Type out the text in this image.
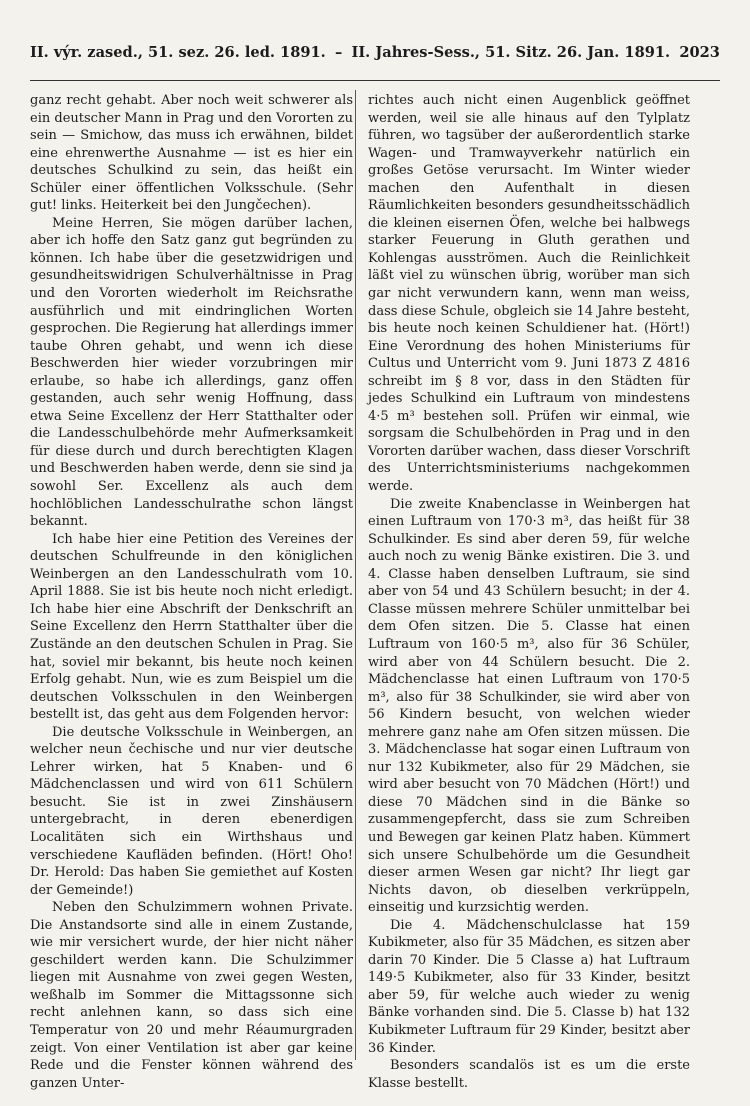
II. výr. zased., 51. sez. 26. led. 1891. – II. Jahres-Sess., 51. Sitz. 26. Jan. 1891. 2023

ganz recht gehabt. Aber noch weit schwerer als ein deutscher Mann in Prag und den Vororten zu sein — Smichow, das muss ich erwähnen, bildet eine ehrenwerthe Ausnahme — ist es hier ein deutsches Schulkind zu sein, das heißt ein Schüler einer öffentlichen Volksschule. (Sehr gut! links. Heiterkeit bei den Jungčechen).

Meine Herren, Sie mögen darüber lachen, aber ich hoffe den Satz ganz gut begründen zu können. Ich habe über die gesetzwidrigen und gesundheitswidrigen Schulverhältnisse in Prag und den Vororten wiederholt im Reichsrathe ausführlich und mit eindringlichen Worten gesprochen. Die Regierung hat allerdings immer taube Ohren gehabt, und wenn ich diese Beschwerden hier wieder vorzubringen mir erlaube, so habe ich allerdings, ganz offen gestanden, auch sehr wenig Hoffnung, dass etwa Seine Excellenz der Herr Statthalter oder die Landesschulbehörde mehr Aufmerksamkeit für diese durch und durch berechtigten Klagen und Beschwerden haben werde, denn sie sind ja sowohl Ser. Excellenz als auch dem hochlöblichen Landesschulrathe schon längst bekannt.

Ich habe hier eine Petition des Vereines der deutschen Schulfreunde in den königlichen Weinbergen an den Landesschulrath vom 10. April 1888. Sie ist bis heute noch nicht erledigt. Ich habe hier eine Abschrift der Denkschrift an Seine Excellenz den Herrn Statthalter über die Zustände an den deutschen Schulen in Prag. Sie hat, soviel mir bekannt, bis heute noch keinen Erfolg gehabt. Nun, wie es zum Beispiel um die deutschen Volksschulen in den Weinbergen bestellt ist, das geht aus dem Folgenden hervor:

Die deutsche Volksschule in Weinbergen, an welcher neun čechische und nur vier deutsche Lehrer wirken, hat 5 Knaben- und 6 Mädchenclassen und wird von 611 Schülern besucht. Sie ist in zwei Zinshäusern untergebracht, in deren ebenerdigen Localitäten sich ein Wirthshaus und verschiedene Kaufläden befinden. (Hört! Oho! Dr. Herold: Das haben Sie gemiethet auf Kosten der Gemeinde!)

Neben den Schulzimmern wohnen Private. Die Anstandsorte sind alle in einem Zustande, wie mir versichert wurde, der hier nicht näher geschildert werden kann. Die Schulzimmer liegen mit Ausnahme von zwei gegen Westen, weßhalb im Sommer die Mittagssonne sich recht anlehnen kann, so dass sich eine Temperatur von 20 und mehr Réaumurgraden zeigt. Von einer Ventilation ist aber gar keine Rede und die Fenster können während des ganzen Unter-

richtes auch nicht einen Augenblick geöffnet werden, weil sie alle hinaus auf den Tylplatz führen, wo tagsüber der außerordentlich starke Wagen- und Tramwayverkehr natürlich ein großes Getöse verursacht. Im Winter wieder machen den Aufenthalt in diesen Räumlichkeiten besonders gesundheitsschädlich die kleinen eisernen Öfen, welche bei halbwegs starker Feuerung in Gluth gerathen und Kohlengas ausströmen. Auch die Reinlichkeit läßt viel zu wünschen übrig, worüber man sich gar nicht verwundern kann, wenn man weiss, dass diese Schule, obgleich sie 14 Jahre besteht, bis heute noch keinen Schuldiener hat. (Hört!) Eine Verordnung des hohen Ministeriums für Cultus und Unterricht vom 9. Juni 1873 Z 4816 schreibt im § 8 vor, dass in den Städten für jedes Schulkind ein Luftraum von mindestens 4·5 m³ bestehen soll. Prüfen wir einmal, wie sorgsam die Schulbehörden in Prag und in den Vororten darüber wachen, dass dieser Vorschrift des Unterrichtsministeriums nachgekommen werde.

Die zweite Knabenclasse in Weinbergen hat einen Luftraum von 170·3 m³, das heißt für 38 Schulkinder. Es sind aber deren 59, für welche auch noch zu wenig Bänke existiren. Die 3. und 4. Classe haben denselben Luftraum, sie sind aber von 54 und 43 Schülern besucht; in der 4. Classe müssen mehrere Schüler unmittelbar bei dem Ofen sitzen. Die 5. Classe hat einen Luftraum von 160·5 m³, also für 36 Schüler, wird aber von 44 Schülern besucht. Die 2. Mädchenclasse hat einen Luftraum von 170·5 m³, also für 38 Schulkinder, sie wird aber von 56 Kindern besucht, von welchen wieder mehrere ganz nahe am Ofen sitzen müssen. Die 3. Mädchenclasse hat sogar einen Luftraum von nur 132 Kubikmeter, also für 29 Mädchen, sie wird aber besucht von 70 Mädchen (Hört!) und diese 70 Mädchen sind in die Bänke so zusammengepfercht, dass sie zum Schreiben und Bewegen gar keinen Platz haben. Kümmert sich unsere Schulbehörde um die Gesundheit dieser armen Wesen gar nicht? Ihr liegt gar Nichts davon, ob dieselben verkrüppeln, einseitig und kurzsichtig werden.

Die 4. Mädchenschulclasse hat 159 Kubikmeter, also für 35 Mädchen, es sitzen aber darin 70 Kinder. Die 5 Classe a) hat Luftraum 149·5 Kubikmeter, also für 33 Kinder, besitzt aber 59, für welche auch wieder zu wenig Bänke vorhanden sind. Die 5. Classe b) hat 132 Kubikmeter Luftraum für 29 Kinder, besitzt aber 36 Kinder.

Besonders scandalös ist es um die erste Klasse bestellt.
